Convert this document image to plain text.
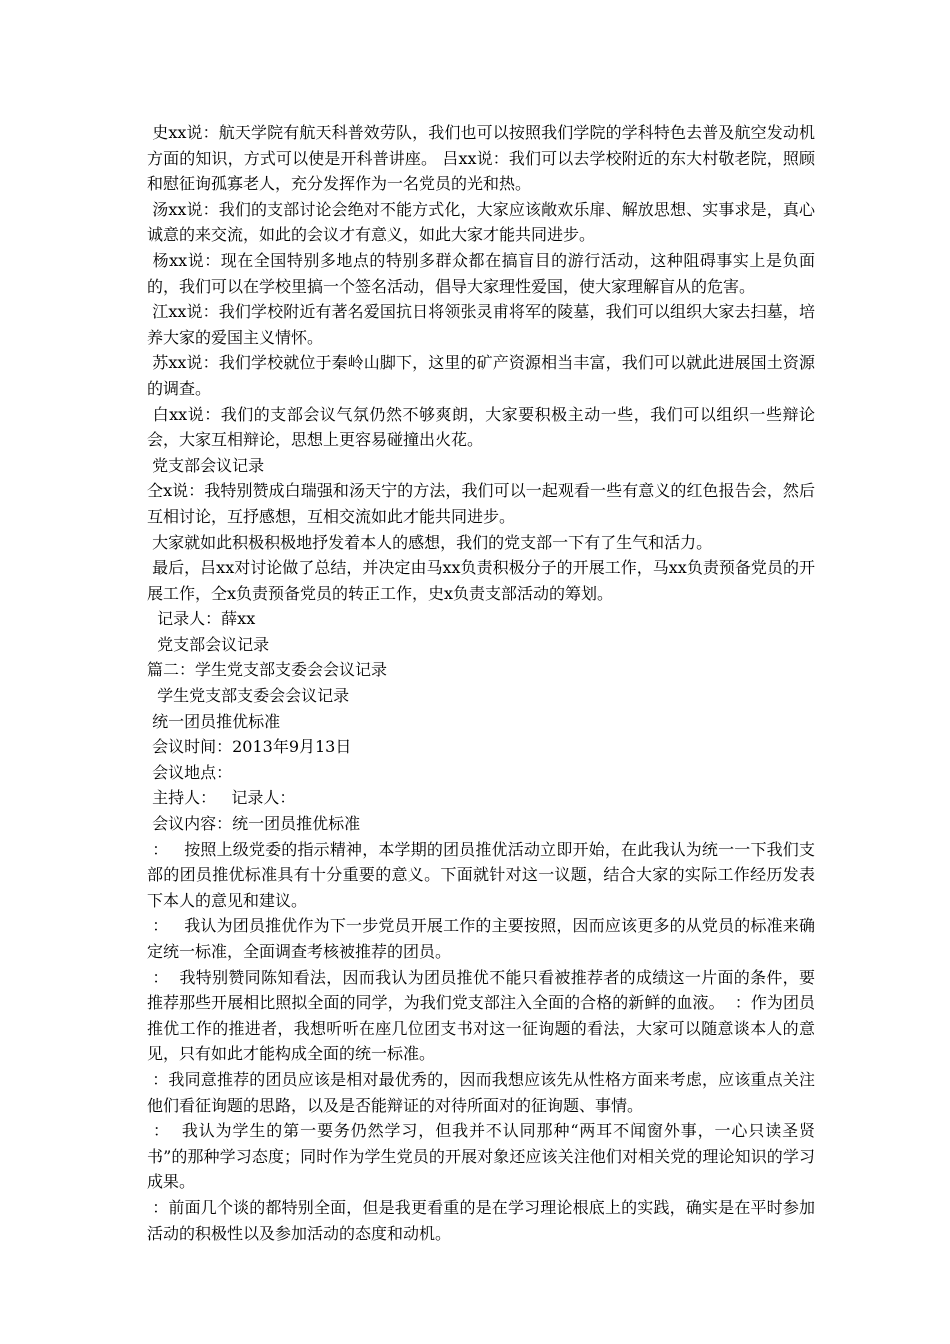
史xx说：航天学院有航天科普效劳队，我们也可以按照我们学院的学科特色去普及航空发动机方面的知识，方式可以使是开科普讲座。 吕xx说：我们可以去学校附近的东大村敬老院，照顾和慰征询孤寡老人，充分发挥作为一名党员的光和热。

汤xx说：我们的支部讨论会绝对不能方式化，大家应该敞欢乐扉、解放思想、实事求是，真心诚意的来交流，如此的会议才有意义，如此大家才能共同进步。

杨xx说：现在全国特别多地点的特别多群众都在搞盲目的游行活动，这种阻碍事实上是负面的，我们可以在学校里搞一个签名活动，倡导大家理性爱国，使大家理解盲从的危害。

江xx说：我们学校附近有著名爱国抗日将领张灵甫将军的陵墓，我们可以组织大家去扫墓，培养大家的爱国主义情怀。

苏xx说：我们学校就位于秦岭山脚下，这里的矿产资源相当丰富，我们可以就此进展国土资源的调查。

白xx说：我们的支部会议气氛仍然不够爽朗，大家要积极主动一些，我们可以组织一些辩论会，大家互相辩论，思想上更容易碰撞出火花。

党支部会议记录

仝x说：我特别赞成白瑞强和汤天宁的方法，我们可以一起观看一些有意义的红色报告会，然后互相讨论，互抒感想，互相交流如此才能共同进步。

大家就如此积极积极地抒发着本人的感想，我们的党支部一下有了生气和活力。

最后，吕xx对讨论做了总结，并决定由马xx负责积极分子的开展工作，马xx负责预备党员的开展工作，仝x负责预备党员的转正工作，史x负责支部活动的筹划。

记录人：薛xx

党支部会议记录

篇二：学生党支部支委会会议记录

学生党支部支委会会议记录

统一团员推优标准

会议时间：2013年9月13日

会议地点：

主持人：   记录人：

会议内容：统一团员推优标准

：   按照上级党委的指示精神，本学期的团员推优活动立即开始，在此我认为统一一下我们支部的团员推优标准具有十分重要的意义。下面就针对这一议题，结合大家的实际工作经历发表下本人的意见和建议。

：   我认为团员推优作为下一步党员开展工作的主要按照，因而应该更多的从党员的标准来确定统一标准，全面调查考核被推荐的团员。

：  我特别赞同陈知看法，因而我认为团员推优不能只看被推荐者的成绩这一片面的条件，要推荐那些开展相比照拟全面的同学，为我们党支部注入全面的合格的新鲜的血液。  ：作为团员推优工作的推进者，我想听听在座几位团支书对这一征询题的看法，大家可以随意谈本人的意见，只有如此才能构成全面的统一标准。

：我同意推荐的团员应该是相对最优秀的，因而我想应该先从性格方面来考虑，应该重点关注他们看征询题的思路，以及是否能辩证的对待所面对的征询题、事情。

：  我认为学生的第一要务仍然学习，但我并不认同那种“两耳不闻窗外事，一心只读圣贤书”的那种学习态度；同时作为学生党员的开展对象还应该关注他们对相关党的理论知识的学习成果。

：前面几个谈的都特别全面，但是我更看重的是在学习理论根底上的实践，确实是在平时参加活动的积极性以及参加活动的态度和动机。
